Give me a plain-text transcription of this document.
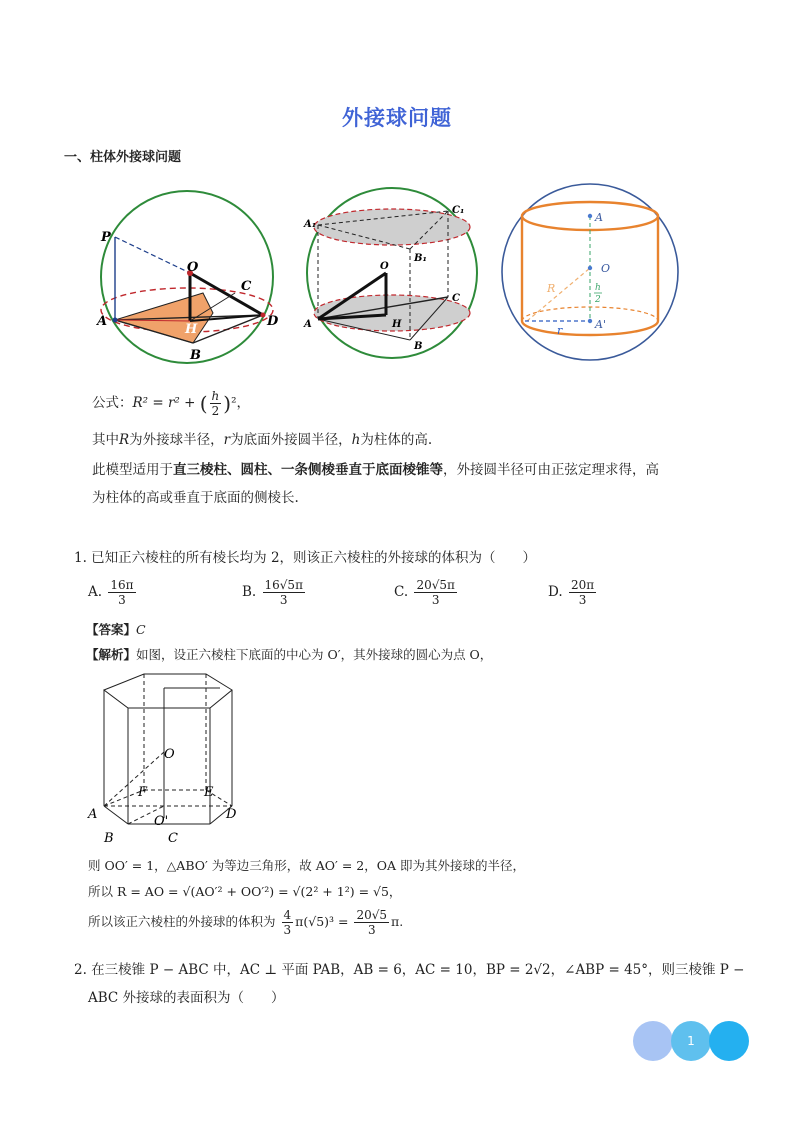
外接球问题
一、柱体外接球问题
P
O
C
A
H
D
B
A₁
C₁
B₁
O
C
A	H
B
A
O
R	h
2
r	A'
公式：R² = r² + ( $\frac{h}{2} )^2$，
其中R为外接球半径，r为底面外接圆半径，h为柱体的高.
此模型适用于直三棱柱、圆柱、一条侧棱垂直于底面棱锥等，外接圆半径可由正弦定理求得，高
为柱体的高或垂直于底面的侧棱长.
1. 已知正六棱柱的所有棱长均为 2，则该正六棱柱的外接球的体积为（　　）
A. $\frac{16\pi}{3}$	B. $\frac{16√5\pi}{3}$	C. $\frac{20√5\pi}{3}$	D. $\frac{20\pi}{3}$
【答案】C
【解析】如图，设正六棱柱下底面的中心为 O′，其外接球的圆心为点 O，
O
F	E
A	O'	D
B	C
则 OO′ = 1，△ABO′ 为等边三角形，故 AO′ = 2，OA 即为其外接球的半径，
所以 R = AO = √(AO′² + OO′²) = √(2² + 1²) = √5，
所以该正六棱柱的外接球的体积为 $\frac{4}{3} \pi(√5)^3 = \frac{20√5}{3} \pi$.
2. 在三棱锥 P − ABC 中，AC ⊥ 平面 PAB，AB = 6，AC = 10，BP = 2√2，∠ABP = 45°，则三棱锥 P −
ABC 外接球的表面积为（　　）
1
